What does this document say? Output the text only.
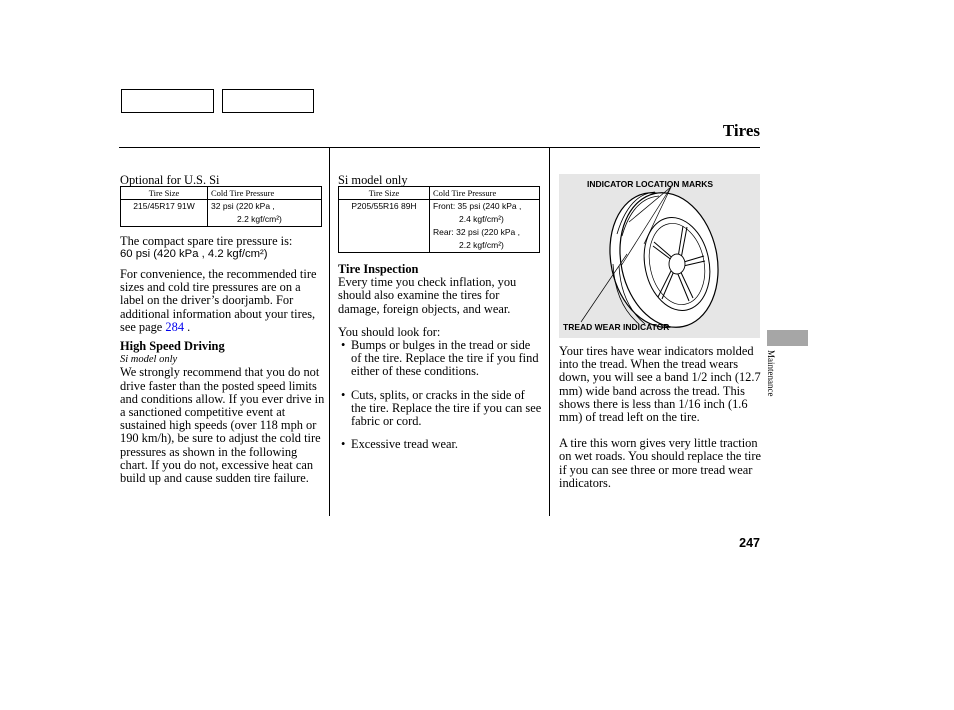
Tires
Optional for U.S. Si
Tire Size	Cold Tire Pressure
215/45R17 91W	32 psi (220 kPa ,
2.2 kgf/cm²)
The compact spare tire pressure is:
60 psi (420 kPa , 4.2 kgf/cm²)
For convenience, the recommended tire sizes and cold tire pressures are on a label on the driver’s doorjamb. For additional information about your tires, see page 284 .
High Speed Driving
Si model only
We strongly recommend that you do not drive faster than the posted speed limits and conditions allow. If you ever drive in a sanctioned competitive event at sustained high speeds (over 118 mph or 190 km/h), be sure to adjust the cold tire pressures as shown in the following chart. If you do not, excessive heat can build up and cause sudden tire failure.
Si model only
Tire Size	Cold Tire Pressure
P205/55R16 89H	Front: 35 psi (240 kPa ,
2.4 kgf/cm²)
Rear: 32 psi (220 kPa ,
2.2 kgf/cm²)
Tire Inspection
Every time you check inflation, you should also examine the tires for damage, foreign objects, and wear.
You should look for:
• Bumps or bulges in the tread or side of the tire. Replace the tire if you find either of these conditions.
• Cuts, splits, or cracks in the side of the tire. Replace the tire if you can see fabric or cord.
• Excessive tread wear.
INDICATOR LOCATION MARKS
TREAD WEAR INDICATOR
Your tires have wear indicators molded into the tread. When the tread wears down, you will see a band 1/2 inch (12.7 mm) wide band across the tread. This shows there is less than 1/16 inch (1.6 mm) of tread left on the tire.
A tire this worn gives very little traction on wet roads. You should replace the tire if you can see three or more tread wear indicators.
Maintenance
247
